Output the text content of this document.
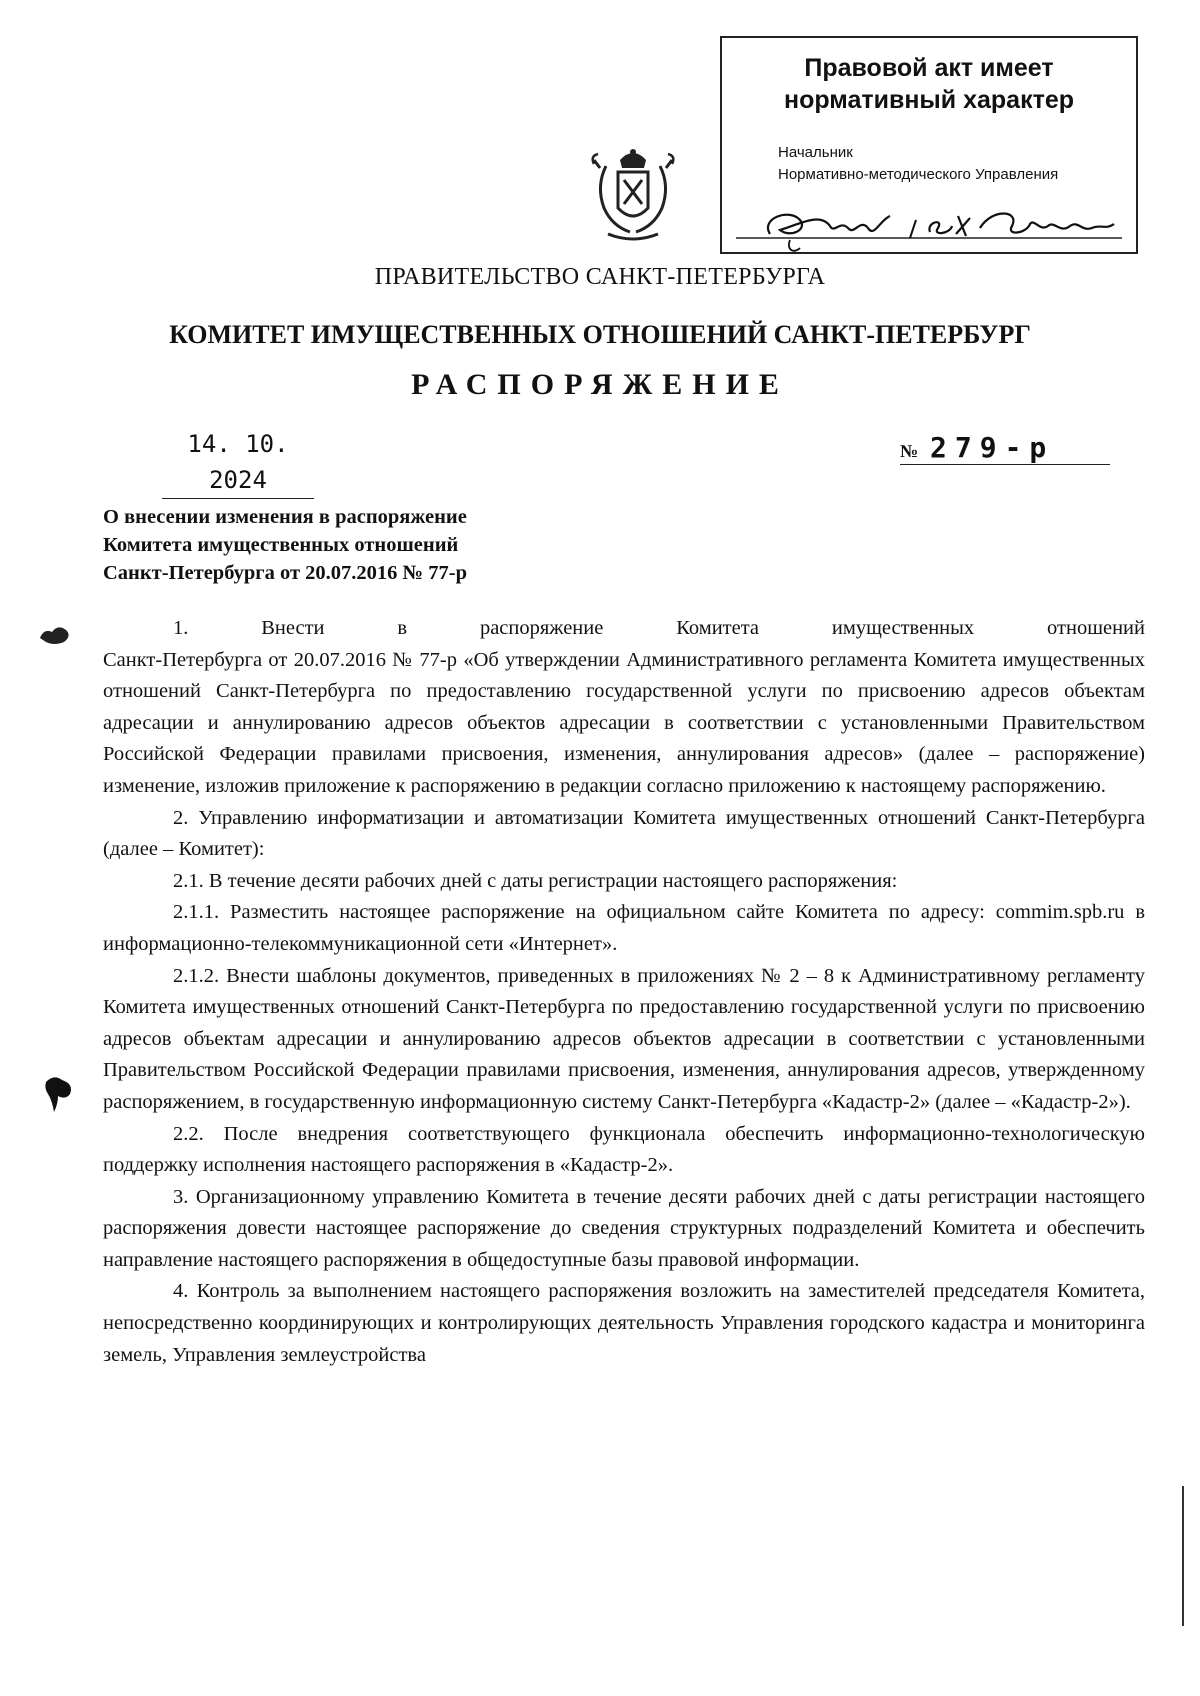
Правовой акт имеет
нормативный характер
Начальник
Нормативно-методического Управления
ПРАВИТЕЛЬСТВО САНКТ-ПЕТЕРБУРГА
КОМИТЕТ ИМУЩЕСТВЕННЫХ ОТНОШЕНИЙ САНКТ-ПЕТЕРБУРГ
РАСПОРЯЖЕНИЕ
14. 10. 2024
№ 279-р
О внесении изменения в распоряжение
Комитета имущественных отношений
Санкт-Петербурга от 20.07.2016 № 77-р

1. Внести в распоряжение Комитета имущественных отношений

Санкт-Петербурга от 20.07.2016 № 77-р «Об утверждении Административного регламента Комитета имущественных отношений Санкт-Петербурга по предоставлению государственной услуги по присвоению адресов объектам адресации и аннулированию адресов объектов адресации в соответствии с установленными Правительством Российской Федерации правилами присвоения, изменения, аннулирования адресов» (далее – распоряжение) изменение, изложив приложение к распоряжению в редакции согласно приложению к настоящему распоряжению.

2. Управлению информатизации и автоматизации Комитета имущественных отношений Санкт-Петербурга (далее – Комитет):

2.1. В течение десяти рабочих дней с даты регистрации настоящего распоряжения:

2.1.1. Разместить настоящее распоряжение на официальном сайте Комитета по адресу: commim.spb.ru в информационно-телекоммуникационной сети «Интернет».

2.1.2. Внести шаблоны документов, приведенных в приложениях № 2 – 8 к Административному регламенту Комитета имущественных отношений Санкт-Петербурга по предоставлению государственной услуги по присвоению адресов объектам адресации и аннулированию адресов объектов адресации в соответствии с установленными Правительством Российской Федерации правилами присвоения, изменения, аннулирования адресов, утвержденному распоряжением, в государственную информационную систему Санкт-Петербурга «Кадастр-2» (далее – «Кадастр-2»).

2.2. После внедрения соответствующего функционала обеспечить информационно-технологическую поддержку исполнения настоящего распоряжения в «Кадастр-2».

3. Организационному управлению Комитета в течение десяти рабочих дней с даты регистрации настоящего распоряжения довести настоящее распоряжение до сведения структурных подразделений Комитета и обеспечить направление настоящего распоряжения в общедоступные базы правовой информации.

4. Контроль за выполнением настоящего распоряжения возложить на заместителей председателя Комитета, непосредственно координирующих и контролирующих деятельность Управления городского кадастра и мониторинга земель, Управления землеустройства
